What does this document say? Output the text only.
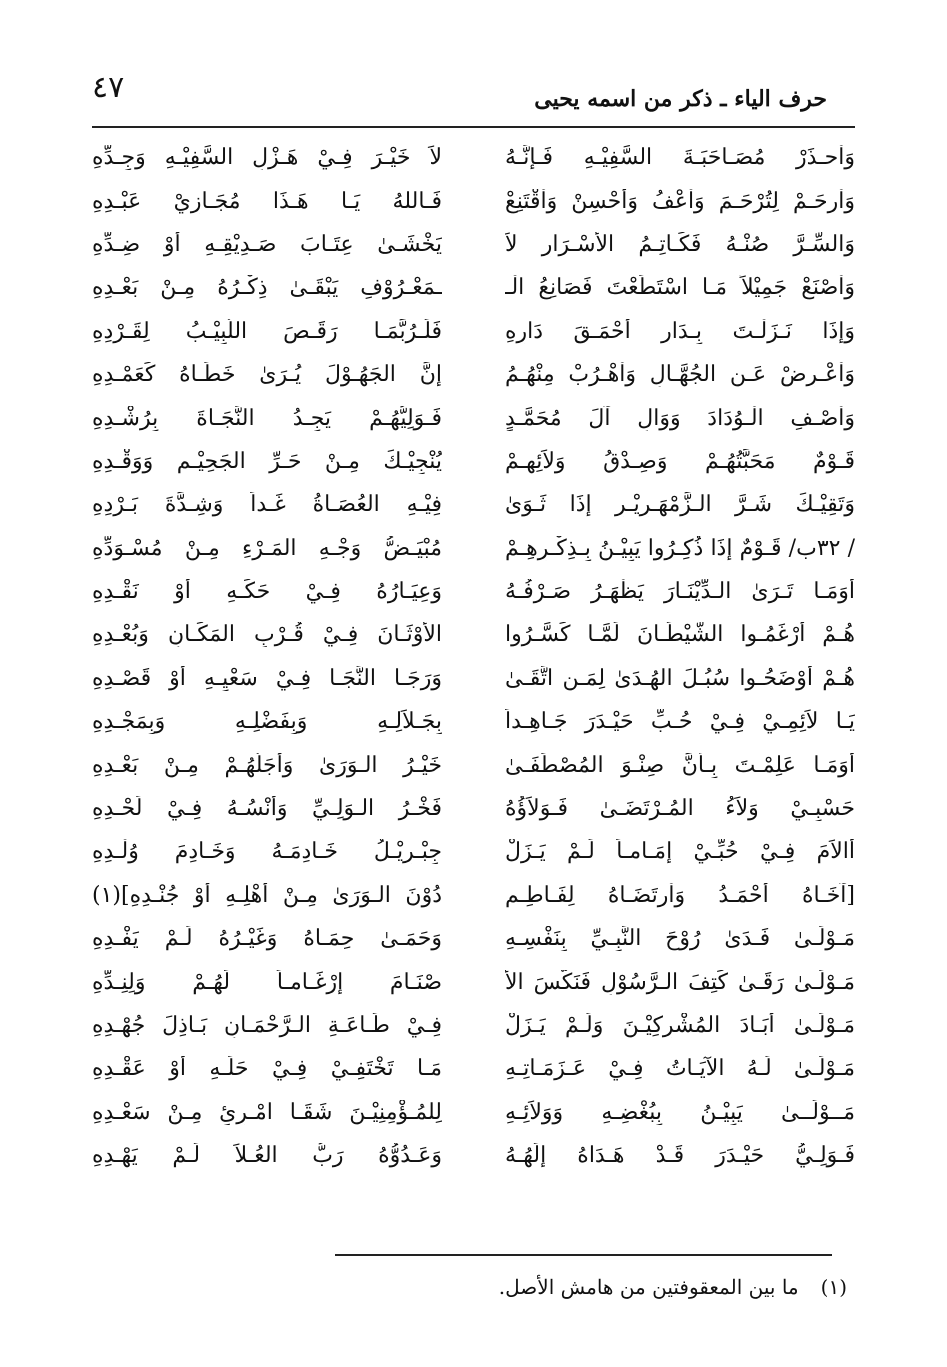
٤٧	حرف الياء ـ ذكر من اسمه يحيى
وَاْحـذَرْ مُصَـاحَبَـةَ السَّفِيْـهِ فَـإِنَّـهُ
لاَ خَيْـرَ فِـيْ هَـزْلِ السَّفِيْـهِ وَجِـدِّهِ
وَاْرحَـمْ لِتُرْحَـمَ وَاْعْفُ وَأَحْسِنْ وَاْقْتَنِعْ
فَـاللهُ يَـا هَـذَا مُجَـازِيْ عَبْـدِهِ
وَالسِّـرَّ صُنْـهُ فَكَـاتِـمُ الأَسْـرَارِ لاَ
يَخْشَـىٰ عِتَـابَ صَـدِيْقِـهِ أَوْ ضِـدِّهِ
وَاْصْنَعْ جَمِيْلاً مَـا اسْتَطَعْتَ فَصَانِعُ الْـ
ـمَعْـرُوْفِ يَبْقَـىٰ ذِكْـرُهُ مِـنْ بَعْـدِهِ
وَإِذَا نَـزَلْـتَ بِـدَارِ أَحْمَـقَ دَارِهِ
فَلَـرُبَّمَـا رَقَـصَ اللَّبِيْـبُ لِقَـرْدِهِ
وَاْعْـرِضْ عَـنِ الجُهَّـالِ وَاْهْـرُبْ مِنْهُـمُ
إِنَّ الجَهُـوْلَ يُـرَىٰ خَطَـاهُ كَعَمْـدِهِ
وَاْصْـفِ الْـوُدَادَ وَوَالِ آلَ مُحَمَّـدٍ
فَـوَلِيُّهُـمْ يَجِـدُ النَّجَـاةَ بِرُشْـدِهِ
قَـوْمٌ مَحَبَّتُهُـمْ وَصِـدْقُ وَلاَئِهِـمْ
يُنْجِيْـكَ مِـنْ حَـرِّ الجَحِيْـمِ وَوَقْـدِهِ
وَتَقِيْـكَ شَـرَّ الـزَّمْهَـرِيْـرِ إِذَا ثَـوَىٰ
فِيْـهِ العُصَـاةُ غَـداً وَشِـدَّةَ بَـرْدِهِ
/ ٣٢ب/ قَـوْمٌ إِذَا ذُكِـرُوا يَبِيْـنُ بِـذِكْـرِهِـمْ
مُبْيَـضُّ وَجْـهِ المَـرْءِ مِـنْ مُسْـوَدِّهِ
أَوَمَـا تَـرَىٰ الـدِّيْنَـارَ يَظْهَـرُ صَـرْفُـهُ
وَعِيَـارُهُ فِـيْ حَكِّـهِ أَوْ نَقْـدِهِ
هُـمْ أَرْغَمُـوا الشَّيْطَـانَ لَمَّـا كَسَّـرُوا
الأَوْثَـانَ فِـيْ قُـرْبِ المَكَـانِ وَبُعْـدِهِ
هُـمْ أَوْضَحُـوا سُبُـلَ الهُـدَىٰ لِمَـنِ اتَّقَـىٰ
وَرَجَـا النَّجَـا فِـيْ سَعْيِـهِ أَوْ قَصْـدِهِ
يَـا لاَئِمِـيْ فِـيْ حُـبِّ حَيْـدَرَ جَـاهِـداً
بِجَـلاَلِـهِ وَبِفَضْلِـهِ وَبِمَجْـدِهِ
أَوَمَـا عَلِمْـتَ بِـأَنَّ صِنْـوَ المُصْطَفَـىٰ
خَيْـرُ الـوَرَىٰ وَأَجَلُّهُـمْ مِـنْ بَعْـدِهِ
حَسْبِـيْ وَلاَءُ المُـرْتَضَـىٰ فَـوَلاَؤُهُ
فَخْـرُ الـوَلِـيِّ وَأُنْسُـهُ فِـيْ لَحْـدِهِ
أَالاَمَ فِـيْ حُبِّـيْ إِمَـامـاً لَـمْ يَـزَلْ
جِبْـرِيْـلُ خَـادِمَـهُ وَخَـادِمَ وُلْـدِهِ
[آخَـاهُ أَحْمَـدُ وَاْرتَضَـاهُ لِفَـاطِـمٍ
دُوْنَ الـوَرَىٰ مِـنْ أَهْلِـهِ أَوْ جُنْـدِهِ](١)
مَـوْلَـىٰ فَـدَىٰ رُوْحَ النَّبِـيِّ بِنَفْسِـهِ
وَحَمَـىٰ حِمَـاهُ وَغَيْـرُهُ لَـمْ يَفْـدِهِ
مَـوْلَـىٰ رَقَـىٰ كَتِفَ الـرَّسُوْلِ فَنَكَّسَ الأَ
صْنَـامَ إِرْغَـامـاً لَهُـمْ وَلِنِـدِّهِ
مَـوْلَـىٰ أَبَـادَ المُشْرِكِيْـنَ وَلَـمْ يَـزَلْ
فِـيْ طَـاعَـةِ الـرَّحْمَـانِ بَـاذِلَ جُهْـدِهِ
مَـوْلَـىٰ لَـهُ الآيَـاتُ فِـيْ عَـزَمَـاتِـهِ
مَـا تَخْتَفِـيْ فِـيْ حَلِّـهِ أَوْ عَقْـدِهِ
مَــوْلَــىٰ يَبِيْـنُ بِبُغْضِـهِ وَوَلاَئِـهِ
لِلمُـؤْمِنِيْـنَ شَقَـا امْـرِئٍ مِـنْ سَعْـدِهِ
فَـوَلِـيُّ حَيْـدَرَ قَـدْ هَـدَاهُ إِلَهُـهُ
وَعَـدُوُّهُ رَبُّ العُـلاَ لَـمْ يَهْـدِهِ
(١)
ما بين المعقوفتين من هامش الأصل.
